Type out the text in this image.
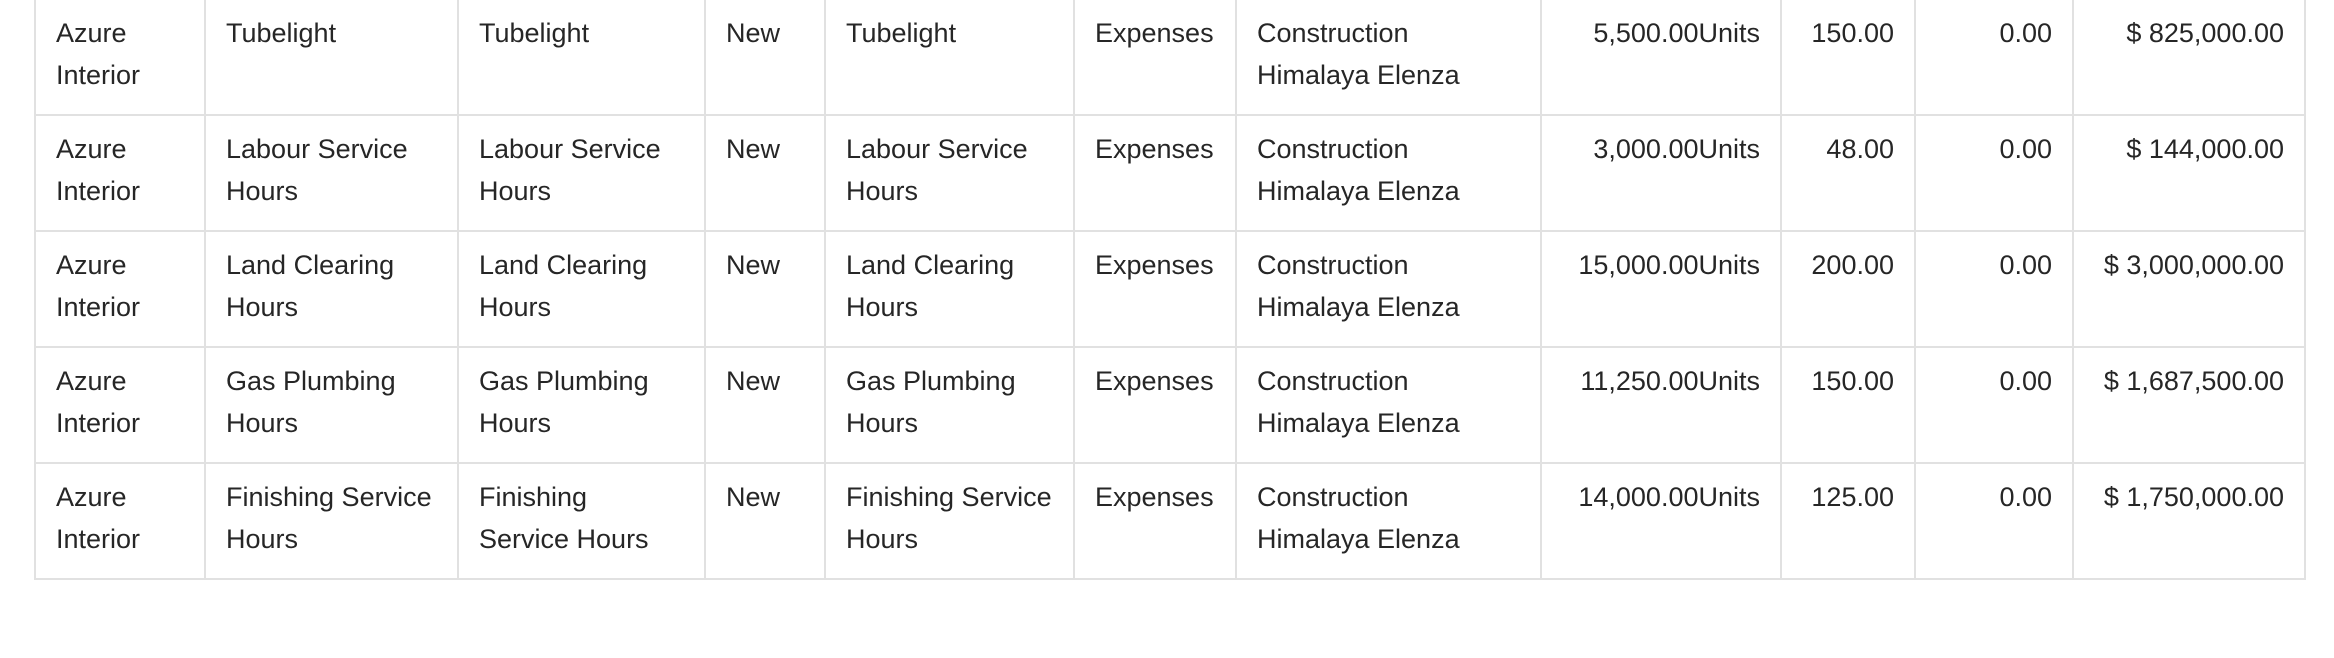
Azure Interior	Tubelight	Tubelight	New	Tubelight	Expenses	Construction Himalaya Elenza	5,500.00Units	150.00	0.00	$ 825,000.00
Azure Interior	Labour Service Hours	Labour Service Hours	New	Labour Service Hours	Expenses	Construction Himalaya Elenza	3,000.00Units	48.00	0.00	$ 144,000.00
Azure Interior	Land Clearing Hours	Land Clearing Hours	New	Land Clearing Hours	Expenses	Construction Himalaya Elenza	15,000.00Units	200.00	0.00	$ 3,000,000.00
Azure Interior	Gas Plumbing Hours	Gas Plumbing Hours	New	Gas Plumbing Hours	Expenses	Construction Himalaya Elenza	11,250.00Units	150.00	0.00	$ 1,687,500.00
Azure Interior	Finishing Service Hours	Finishing Service Hours	New	Finishing Service Hours	Expenses	Construction Himalaya Elenza	14,000.00Units	125.00	0.00	$ 1,750,000.00
